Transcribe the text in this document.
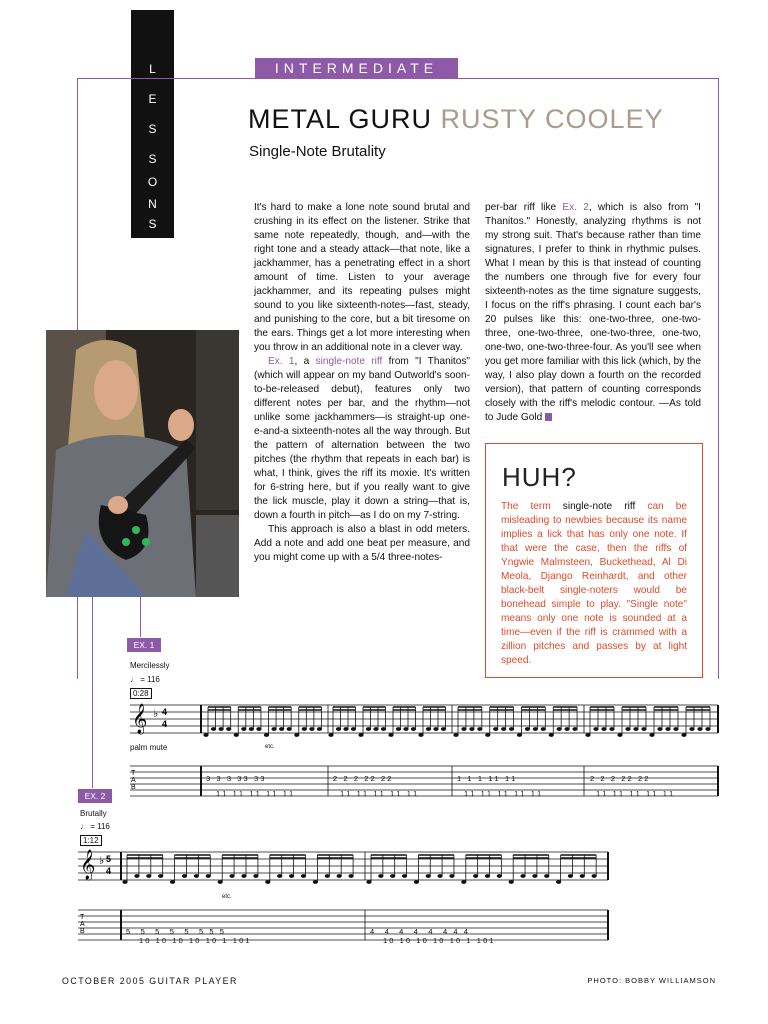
L
E
S
S
O
N
S
INTERMEDIATE
METAL GURU RUSTY COOLEY
Single-Note Brutality

It's hard to make a lone note sound brutal and crushing in its effect on the listener. Strike that same note repeatedly, though, and—with the right tone and a steady attack—that note, like a jackhammer, has a penetrating effect in a short amount of time. Listen to your average jackhammer, and its repeating pulses might sound to you like sixteenth-notes—fast, steady, and punishing to the core, but a bit tiresome on the ears. Things get a lot more interesting when you throw in an additional note in a clever way.

Ex. 1, a single-note riff from "I Thanitos" (which will appear on my band Outworld's soon-to-be-released debut), features only two different notes per bar, and the rhythm—not unlike some jackhammers—is straight-up one-e-and-a sixteenth-notes all the way through. But the pattern of alternation between the two pitches (the rhythm that repeats in each bar) is what, I think, gives the riff its moxie. It's written for 6-string here, but if you really want to give the lick muscle, play it down a string—that is, down a fourth in pitch—as I do on my 7-string.

This approach is also a blast in odd meters. Add a note and add one beat per measure, and you might come up with a 5/4 three-notes-

per-bar riff like Ex. 2, which is also from "I Thanitos." Honestly, analyzing rhythms is not my strong suit. That's because rather than time signatures, I prefer to think in rhythmic pulses. What I mean by this is that instead of counting the numbers one through five for every four sixteenth-notes as the time signature suggests, I focus on the riff's phrasing. I count each bar's 20 pulses like this: one-two-three, one-two-three, one-two-three, one-two-three, one-two, one-two, one-two-three-four. As you'll see when you get more familiar with this lick (which, by the way, I also play down a fourth on the recorded version), that pattern of counting corresponds closely with the riff's melodic contour. —As told to Jude Gold

HUH?
The term single-note riff can be misleading to newbies because its name implies a lick that has only one note. If that were the case, then the riffs of Yngwie Malmsteen, Buckethead, Al Di Meola, Django Reinhardt, and other black-belt single-noters would be bonehead simple to play. "Single note" means only one note is sounded at a time—even if the riff is crammed with a zillion pitches and passes by at light speed.
EX. 1
Mercilessly
♩ = 116
0:28
𝄞 ♭ 4
4
𝄞 ♭ 5
4
T
A
B
T
A
B
palm mute	etc.
3   3   3   3 3   3 3
1 1   1 1   1 1   1 1   1 1
2   2   2   2 2   2 2
1 1   1 1   1 1   1 1   1 1
1   1   1   1 1   1 1
1 1   1 1   1 1   1 1   1 1
2   2   2   2 2   2 2
1 1   1 1   1 1   1 1   1 1
EX. 2
Brutally
♩ = 116
1:12
etc.
5     5     5     5     5     5   5   5
1 0   1 0   1 0   1 0   1 0   1   1 0 1
4     4     4     4     4     4   4   4
1 0   1 0   1 0   1 0   1 0   1   1 0 1
OCTOBER 2005 GUITAR PLAYER	PHOTO: BOBBY WILLIAMSON
